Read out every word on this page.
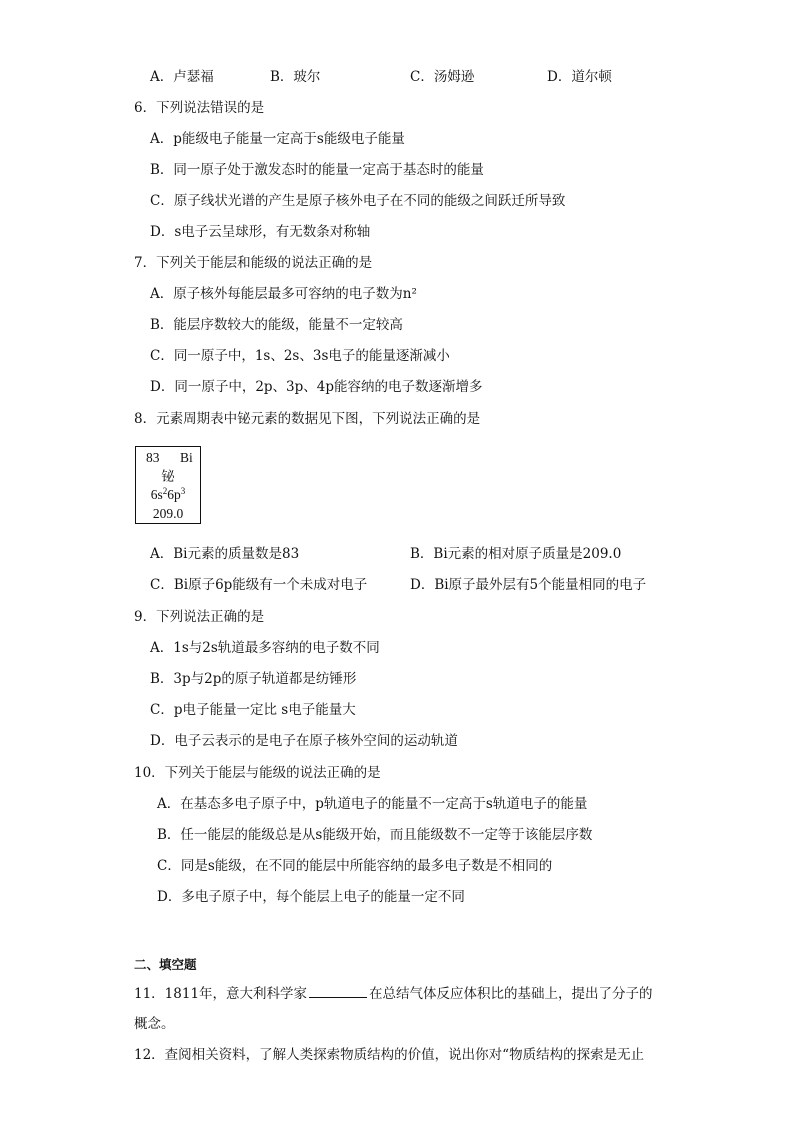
A．卢瑟福	B．玻尔	C．汤姆逊	D．道尔顿
6．下列说法错误的是
A．p能级电子能量一定高于s能级电子能量
B．同一原子处于激发态时的能量一定高于基态时的能量
C．原子线状光谱的产生是原子核外电子在不同的能级之间跃迁所导致
D．s电子云呈球形，有无数条对称轴
7．下列关于能层和能级的说法正确的是
A．原子核外每能层最多可容纳的电子数为n²
B．能层序数较大的能级，能量不一定较高
C．同一原子中，1s、2s、3s电子的能量逐渐减小
D．同一原子中，2p、3p、4p能容纳的电子数逐渐增多
8．元素周期表中铋元素的数据见下图，下列说法正确的是
83 Bi
铋
$6s^26p^3$
209.0
A．Bi元素的质量数是83	B．Bi元素的相对原子质量是209.0
C．Bi原子6p能级有一个未成对电子	D．Bi原子最外层有5个能量相同的电子
9．下列说法正确的是
A．1s与2s轨道最多容纳的电子数不同
B．3p与2p的原子轨道都是纺锤形
C．p电子能量一定比 s电子能量大
D．电子云表示的是电子在原子核外空间的运动轨道
10．下列关于能层与能级的说法正确的是
A．在基态多电子原子中，p轨道电子的能量不一定高于s轨道电子的能量
B．任一能层的能级总是从s能级开始，而且能级数不一定等于该能层序数
C．同是s能级，在不同的能层中所能容纳的最多电子数是不相同的
D．多电子原子中，每个能层上电子的能量一定不同
二、填空题
11．1811年，意大利科学家	在总结气体反应体积比的基础上，提出了分子的
概念。
12．查阅相关资料，了解人类探索物质结构的价值，说出你对“物质结构的探索是无止
